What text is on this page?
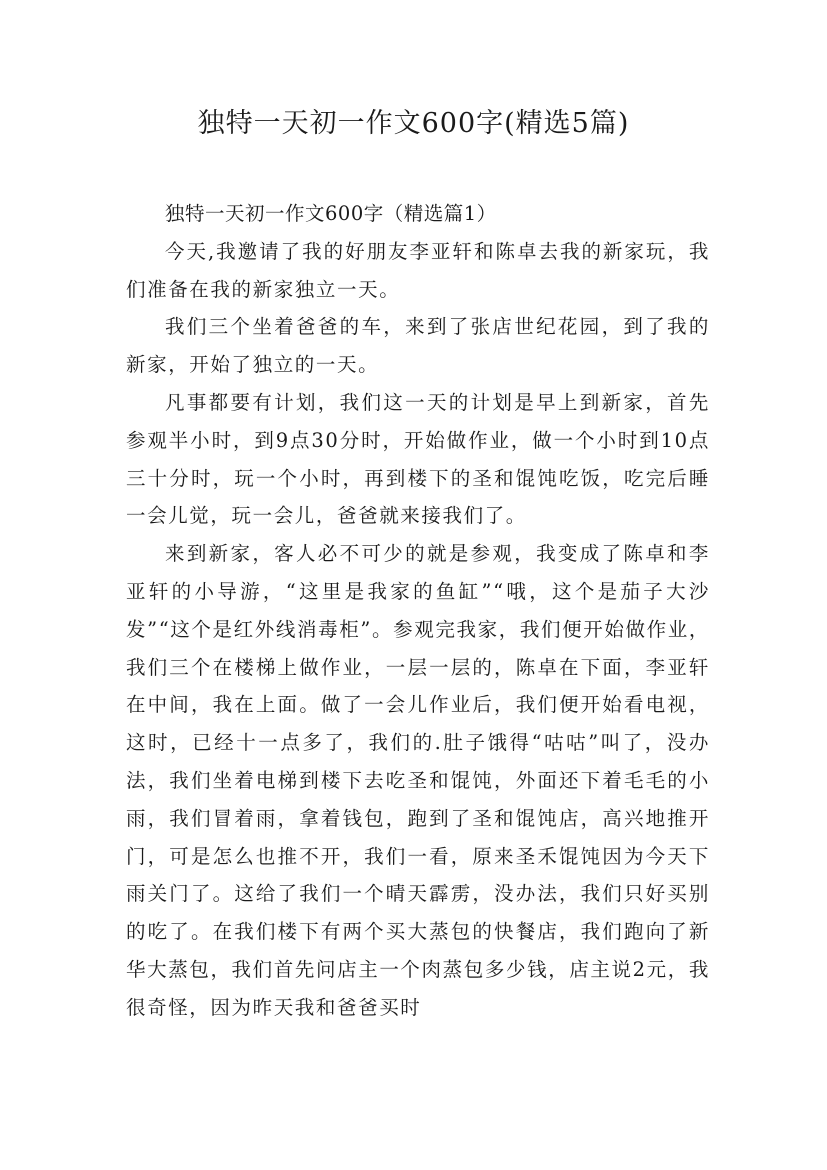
独特一天初一作文600字(精选5篇)

独特一天初一作文600字（精选篇1）

今天,我邀请了我的好朋友李亚轩和陈卓去我的新家玩，我们准备在我的新家独立一天。

我们三个坐着爸爸的车，来到了张店世纪花园，到了我的新家，开始了独立的一天。

凡事都要有计划，我们这一天的计划是早上到新家，首先参观半小时，到9点30分时，开始做作业，做一个小时到10点三十分时，玩一个小时，再到楼下的圣和馄饨吃饭，吃完后睡一会儿觉，玩一会儿，爸爸就来接我们了。

来到新家，客人必不可少的就是参观，我变成了陈卓和李亚轩的小导游，“这里是我家的鱼缸”“哦，这个是茄子大沙发”“这个是红外线消毒柜”。参观完我家，我们便开始做作业，我们三个在楼梯上做作业，一层一层的，陈卓在下面，李亚轩在中间，我在上面。做了一会儿作业后，我们便开始看电视，这时，已经十一点多了，我们的.肚子饿得“咕咕”叫了，没办法，我们坐着电梯到楼下去吃圣和馄饨，外面还下着毛毛的小雨，我们冒着雨，拿着钱包，跑到了圣和馄饨店，高兴地推开门，可是怎么也推不开，我们一看，原来圣禾馄饨因为今天下雨关门了。这给了我们一个晴天霹雳，没办法，我们只好买别的吃了。在我们楼下有两个买大蒸包的快餐店，我们跑向了新华大蒸包，我们首先问店主一个肉蒸包多少钱，店主说2元，我很奇怪，因为昨天我和爸爸买时
